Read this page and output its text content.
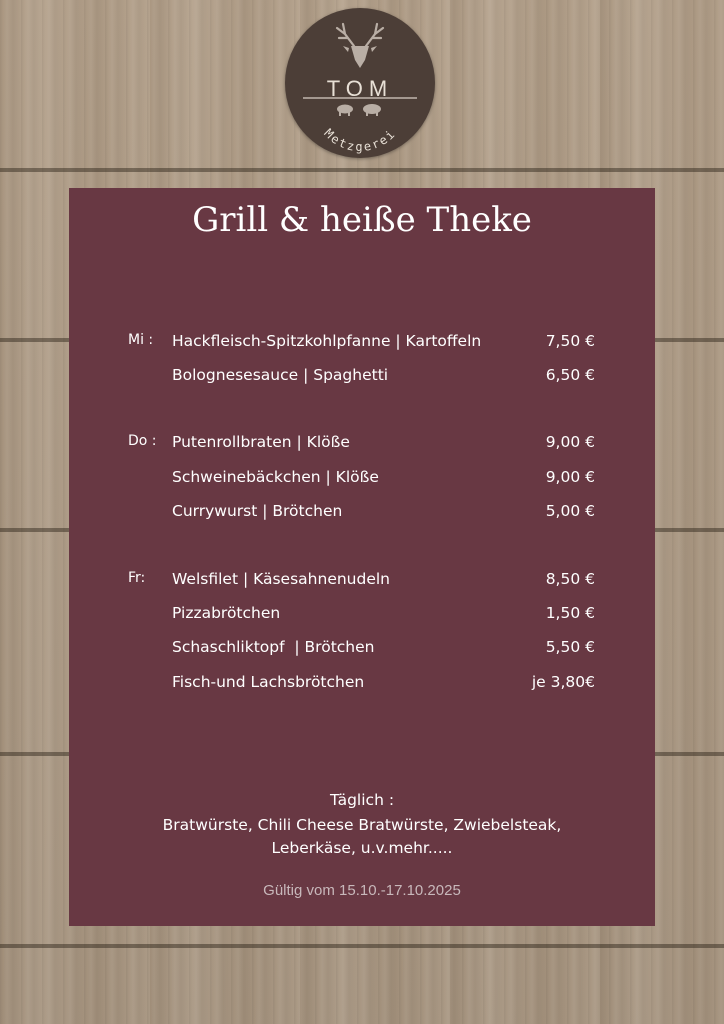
Metzgerei
TOM
Grill & heiße Theke
Mi : Hackfleisch-Spitzkohlpfanne | Kartoffeln	7,50 €
Bolognesesauce | Spaghetti	6,50 €
Do : Putenrollbraten | Klöße	9,00 €
Schweinebäckchen | Klöße	9,00 €
Currywurst | Brötchen	5,00 €
Fr: Welsfilet | Käsesahnenudeln	8,50 €
Pizzabrötchen	1,50 €
Schaschliktopf  | Brötchen	5,50 €
Fisch-und Lachsbrötchen	je 3,80€
Täglich :
Bratwürste, Chili Cheese Bratwürste, Zwiebelsteak,
Leberkäse, u.v.mehr.....
Gültig vom 15.10.-17.10.2025
